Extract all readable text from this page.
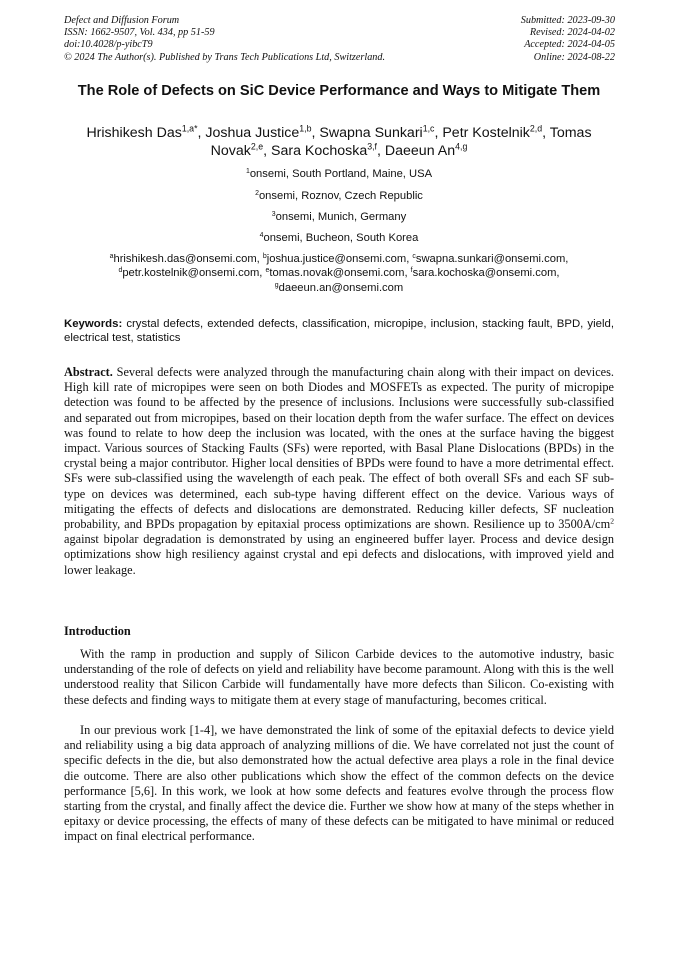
Defect and Diffusion Forum
ISSN: 1662-9507, Vol. 434, pp 51-59
doi:10.4028/p-yibcT9
© 2024 The Author(s). Published by Trans Tech Publications Ltd, Switzerland.
Submitted: 2023-09-30
Revised: 2024-04-02
Accepted: 2024-04-05
Online: 2024-08-22
The Role of Defects on SiC Device Performance and Ways to Mitigate Them
Hrishikesh Das$^{1,a*}$, Joshua Justice$^{1,b}$, Swapna Sunkari$^{1,c}$, Petr Kostelnik$^{2,d}$, Tomas Novak$^{2,e}$, Sara Kochoska$^{3,f}$, Daeeun An$^{4,g}$
$^1$onsemi, South Portland, Maine, USA
$^2$onsemi, Roznov, Czech Republic
$^3$onsemi, Munich, Germany
$^4$onsemi, Bucheon, South Korea
$^a$hrishikesh.das@onsemi.com, $^b$joshua.justice@onsemi.com, $^c$swapna.sunkari@onsemi.com,
$^d$petr.kostelnik@onsemi.com, $^e$tomas.novak@onsemi.com, $^f$sara.kochoska@onsemi.com,
$^g$daeeun.an@onsemi.com
Keywords: crystal defects, extended defects, classification, micropipe, inclusion, stacking fault, BPD, yield, electrical test, statistics
Abstract. Several defects were analyzed through the manufacturing chain along with their impact on devices. High kill rate of micropipes were seen on both Diodes and MOSFETs as expected. The purity of micropipe detection was found to be affected by the presence of inclusions. Inclusions were successfully sub-classified and separated out from micropipes, based on their location depth from the wafer surface. The effect on devices was found to relate to how deep the inclusion was located, with the ones at the surface having the biggest impact. Various sources of Stacking Faults (SFs) were reported, with Basal Plane Dislocations (BPDs) in the crystal being a major contributor. Higher local densities of BPDs were found to have a more detrimental effect. SFs were sub-classified using the wavelength of each peak. The effect of both overall SFs and each SF sub-type on devices was determined, each sub-type having different effect on the device. Various ways of mitigating the effects of defects and dislocations are demonstrated. Reducing killer defects, SF nucleation probability, and BPDs propagation by epitaxial process optimizations are shown. Resilience up to $3500A/cm^2$ against bipolar degradation is demonstrated by using an engineered buffer layer. Process and device design optimizations show high resiliency against crystal and epi defects and dislocations, with improved yield and lower leakage.
Introduction
With the ramp in production and supply of Silicon Carbide devices to the automotive industry, basic understanding of the role of defects on yield and reliability have become paramount. Along with this is the well understood reality that Silicon Carbide will fundamentally have more defects than Silicon. Co-existing with these defects and finding ways to mitigate them at every stage of manufacturing, becomes critical.
In our previous work [1-4], we have demonstrated the link of some of the epitaxial defects to device yield and reliability using a big data approach of analyzing millions of die. We have correlated not just the count of specific defects in the die, but also demonstrated how the actual defective area plays a role in the final device die outcome. There are also other publications which show the effect of the common defects on the device performance [5,6]. In this work, we look at how some defects and features evolve through the process flow starting from the crystal, and finally affect the device die. Further we show how at many of the steps whether in epitaxy or device processing, the effects of many of these defects can be mitigated to have minimal or reduced impact on final electrical performance.
